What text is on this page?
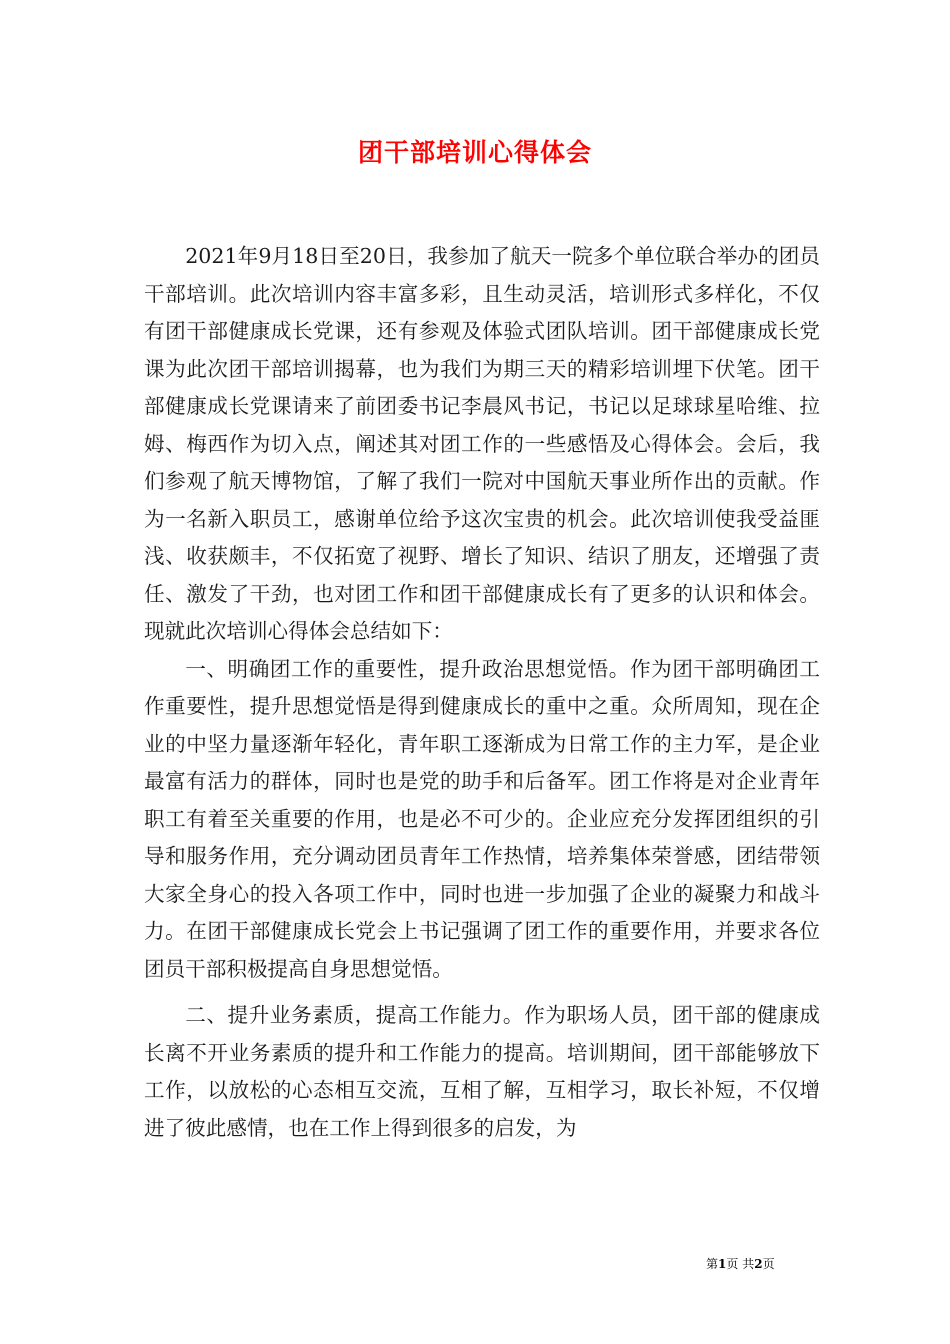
团干部培训心得体会

2021年9月18日至20日，我参加了航天一院多个单位联合举办的团员干部培训。此次培训内容丰富多彩，且生动灵活，培训形式多样化，不仅有团干部健康成长党课，还有参观及体验式团队培训。团干部健康成长党课为此次团干部培训揭幕，也为我们为期三天的精彩培训埋下伏笔。团干部健康成长党课请来了前团委书记李晨风书记，书记以足球球星哈维、拉姆、梅西作为切入点，阐述其对团工作的一些感悟及心得体会。会后，我们参观了航天博物馆，了解了我们一院对中国航天事业所作出的贡献。作为一名新入职员工，感谢单位给予这次宝贵的机会。此次培训使我受益匪浅、收获颇丰，不仅拓宽了视野、增长了知识、结识了朋友，还增强了责任、激发了干劲，也对团工作和团干部健康成长有了更多的认识和体会。现就此次培训心得体会总结如下：

一、明确团工作的重要性，提升政治思想觉悟。作为团干部明确团工作重要性，提升思想觉悟是得到健康成长的重中之重。众所周知，现在企业的中坚力量逐渐年轻化，青年职工逐渐成为日常工作的主力军，是企业最富有活力的群体，同时也是党的助手和后备军。团工作将是对企业青年职工有着至关重要的作用，也是必不可少的。企业应充分发挥团组织的引导和服务作用，充分调动团员青年工作热情，培养集体荣誉感，团结带领大家全身心的投入各项工作中，同时也进一步加强了企业的凝聚力和战斗力。在团干部健康成长党会上书记强调了团工作的重要作用，并要求各位团员干部积极提高自身思想觉悟。

二、提升业务素质，提高工作能力。作为职场人员，团干部的健康成长离不开业务素质的提升和工作能力的提高。培训期间，团干部能够放下工作，以放松的心态相互交流，互相了解，互相学习，取长补短，不仅增进了彼此感情，也在工作上得到很多的启发，为

第1页 共2页
